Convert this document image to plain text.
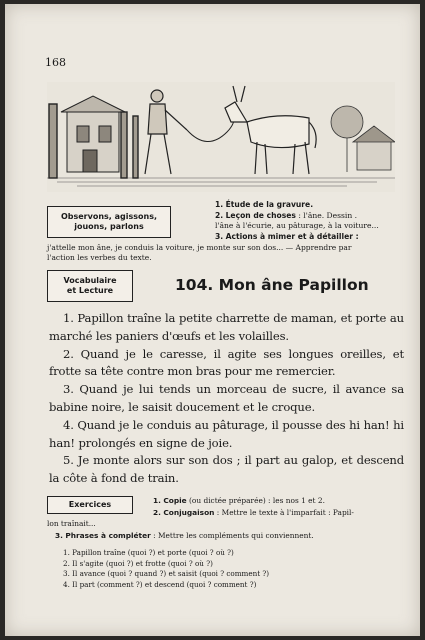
168
Observons, agissons, jouons, parlons
1. Étude de la gravure.
2. Leçon de choses : l'âne. Dessin .
l'âne à l'écurie, au pâturage, à la voiture...
3. Actions à mimer et à détailler :
j'attelle mon âne, je conduis la voiture, je monte sur son dos... — Apprendre par
l'action les verbes du texte.
Vocabulaire
et Lecture	104. Mon âne Papillon

1. Papillon traîne la petite charrette de maman, et porte au marché les paniers d'œufs et les volailles.

2. Quand je le caresse, il agite ses longues oreilles, et frotte sa tête contre mon bras pour me remercier.

3. Quand je lui tends un morceau de sucre, il avance sa babine noire, le saisit doucement et le croque.

4. Quand je le conduis au pâturage, il pousse des hi han! hi han! prolongés en signe de joie.

5. Je monte alors sur son dos ; il part au galop, et descend la côte à fond de train.

Exercices	1. Copie (ou dictée préparée) : les nos 1 et 2.
2. Conjugaison : Mettre le texte à l'imparfait : Papil-
lon traînait...
3. Phrases à compléter : Mettre les compléments qui conviennent.
1. Papillon traîne (quoi ?) et porte (quoi ? où ?)
2. Il s'agite (quoi ?) et frotte (quoi ? où ?)
3. Il avance (quoi ? quand ?) et saisit (quoi ? comment ?)
4. Il part (comment ?) et descend (quoi ? comment ?)
